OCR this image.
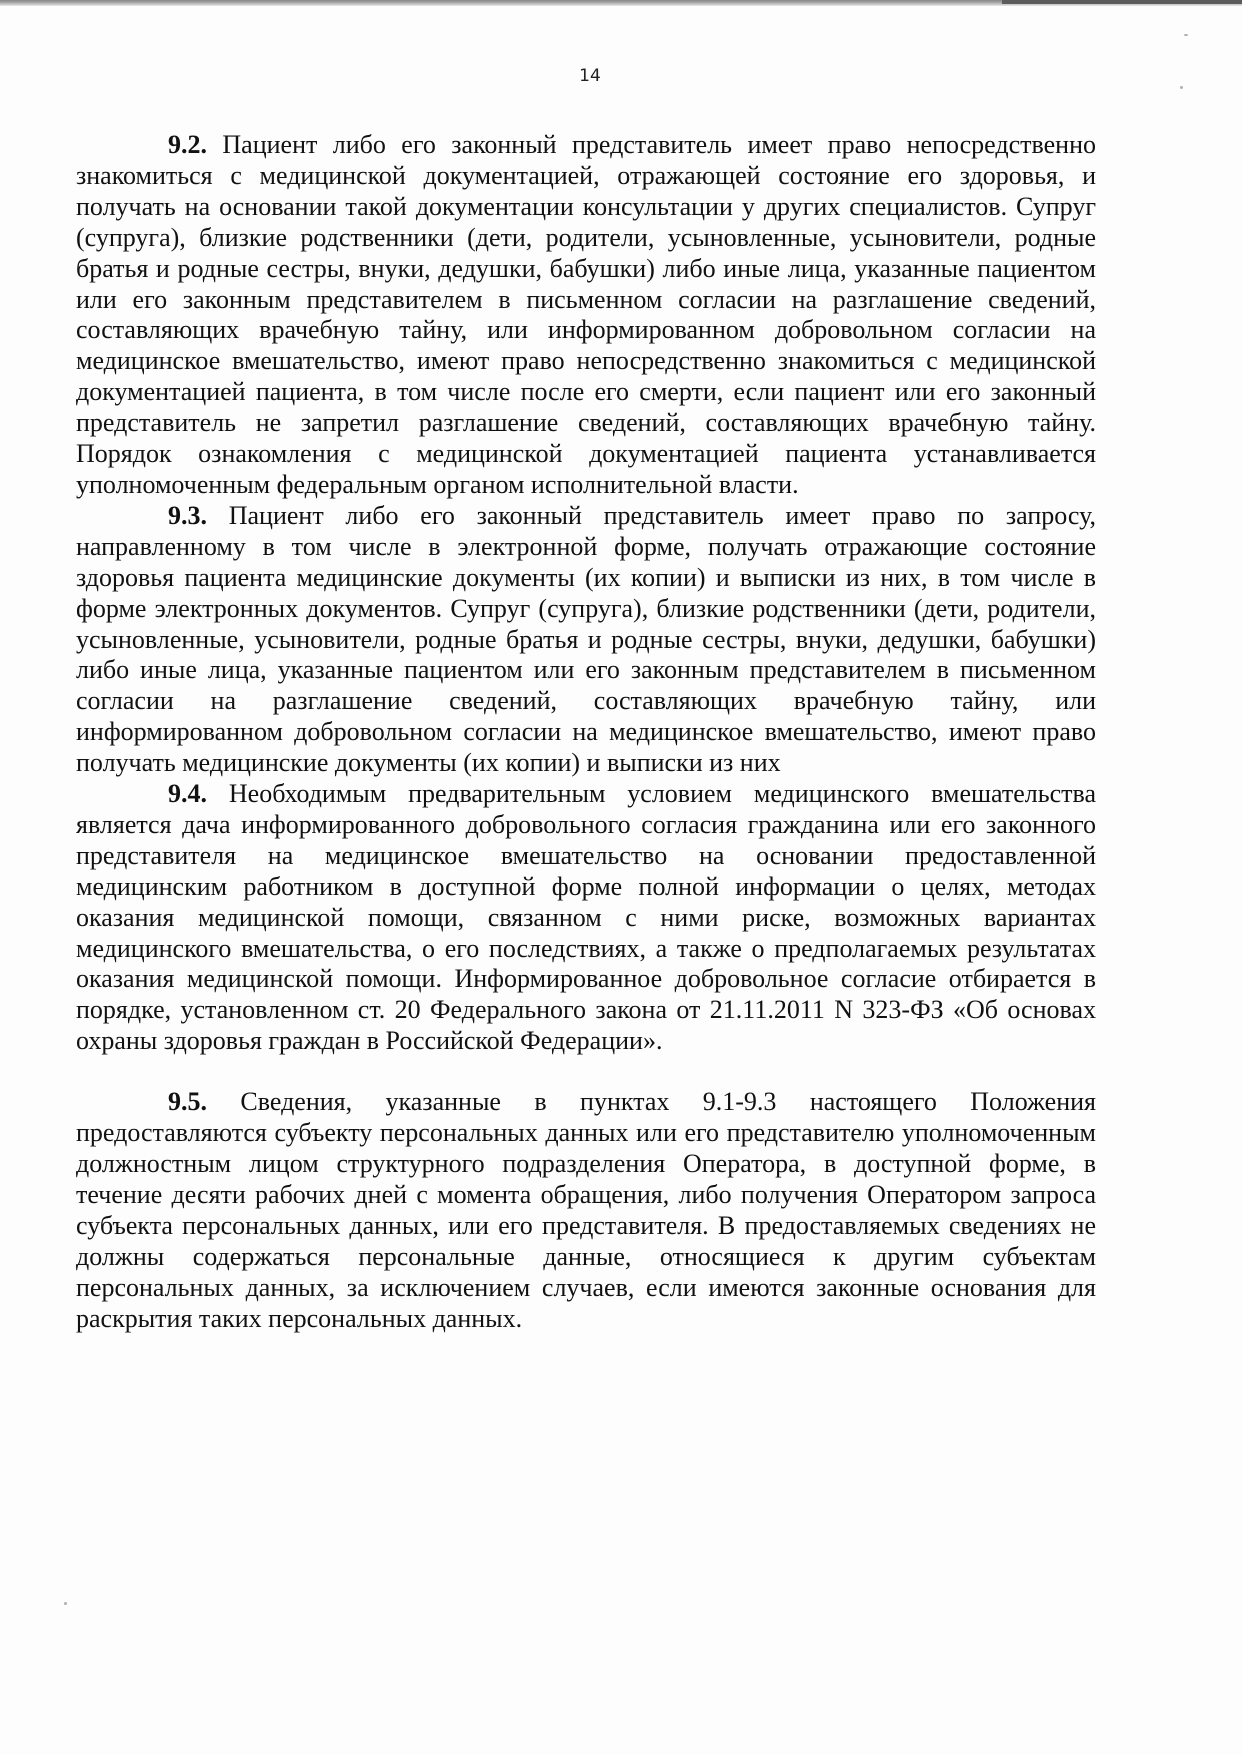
14

9.2. Пациент либо его законный представитель имеет право непосредственно знакомиться с медицинской документацией, отражающей состояние его здоровья, и получать на основании такой документации консультации у других специалистов. Супруг (супруга), близкие родственники (дети, родители, усыновленные, усыновители, родные братья и родные сестры, внуки, дедушки, бабушки) либо иные лица, указанные пациентом или его законным представителем в письменном согласии на разглашение сведений, составляющих врачебную тайну, или информированном добровольном согласии на медицинское вмешательство, имеют право непосредственно знакомиться с медицинской документацией пациента, в том числе после его смерти, если пациент или его законный представитель не запретил разглашение сведений, составляющих врачебную тайну. Порядок ознакомления с медицинской документацией пациента устанавливается уполномоченным федеральным органом исполнительной власти.

9.3. Пациент либо его законный представитель имеет право по запросу, направленному в том числе в электронной форме, получать отражающие состояние здоровья пациента медицинские документы (их копии) и выписки из них, в том числе в форме электронных документов. Супруг (супруга), близкие родственники (дети, родители, усыновленные, усыновители, родные братья и родные сестры, внуки, дедушки, бабушки) либо иные лица, указанные пациентом или его законным представителем в письменном согласии на разглашение сведений, составляющих врачебную тайну, или информированном добровольном согласии на медицинское вмешательство, имеют право получать медицинские документы (их копии) и выписки из них

9.4. Необходимым предварительным условием медицинского вмешательства является дача информированного добровольного согласия гражданина или его законного представителя на медицинское вмешательство на основании предоставленной медицинским работником в доступной форме полной информации о целях, методах оказания медицинской помощи, связанном с ними риске, возможных вариантах медицинского вмешательства, о его последствиях, а также о предполагаемых результатах оказания медицинской помощи. Информированное добровольное согласие отбирается в порядке, установленном ст. 20 Федерального закона от 21.11.2011 N 323-ФЗ «Об основах охраны здоровья граждан в Российской Федерации».

9.5. Сведения, указанные в пунктах 9.1-9.3 настоящего Положения предоставляются субъекту персональных данных или его представителю уполномоченным должностным лицом структурного подразделения Оператора, в доступной форме, в течение десяти рабочих дней с момента обращения, либо получения Оператором запроса субъекта персональных данных, или его представителя. В предоставляемых сведениях не должны содержаться персональные данные, относящиеся к другим субъектам персональных данных, за исключением случаев, если имеются законные основания для раскрытия таких персональных данных.
